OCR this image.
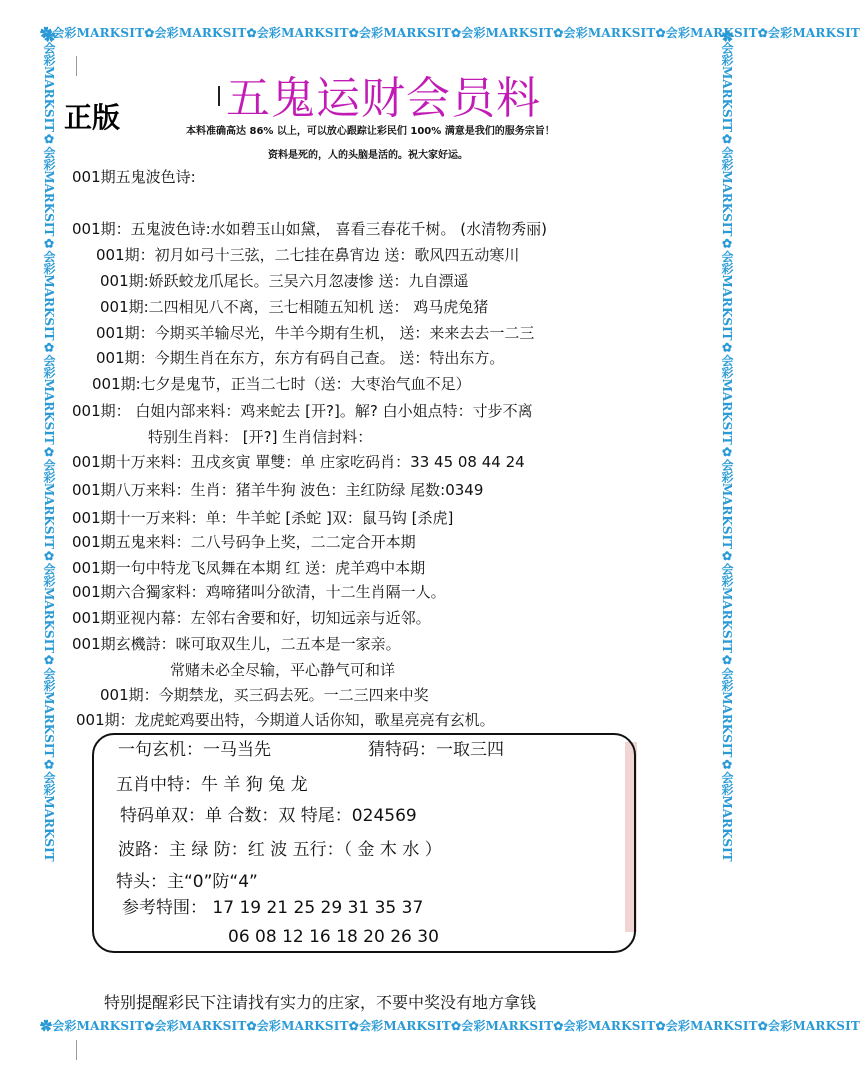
✿会彩MARKSIT✿会彩MARKSIT✿会彩MARKSIT✿会彩MARKSIT✿会彩MARKSIT✿会彩MARKSIT✿会彩MARKSIT✿会彩MARKSIT
✿会彩MARKSIT✿会彩MARKSIT✿会彩MARKSIT✿会彩MARKSIT✿会彩MARKSIT✿会彩MARKSIT✿会彩MARKSIT✿会彩MARKSIT
✿会彩MARKSIT✿会彩MARKSIT✿会彩MARKSIT✿会彩MARKSIT✿会彩MARKSIT✿会彩MARKSIT✿会彩MARKSIT✿会彩MARKSIT	✿会彩MARKSIT✿会彩MARKSIT✿会彩MARKSIT✿会彩MARKSIT✿会彩MARKSIT✿会彩MARKSIT✿会彩MARKSIT✿会彩MARKSIT
五鬼运财会员料
正版	本料准确高达 86% 以上，可以放心跟踪让彩民们 100% 满意是我们的服务宗旨！
资料是死的，人的头脑是活的。祝大家好运。
001期五鬼波色诗:
001期：五鬼波色诗:水如碧玉山如黛， 喜看三春花千树。 (水清物秀丽)
001期：初月如弓十三弦，二七挂在鼻宵边 送：歌风四五动寒川
001期:娇跃蛟龙爪尾长。三吴六月忽凄惨 送：九自漂遥
001期:二四相见八不离，三七相随五知机 送： 鸡马虎兔猪
001期：今期买羊输尽光，牛羊今期有生机， 送：来来去去一二三
001期：今期生肖在东方，东方有码自己查。 送：特出东方。
001期:七夕是鬼节，正当二七时（送：大枣治气血不足）
001期： 白姐内部来料：鸡来蛇去 [开?]。解? 白小姐点特：寸步不离
特别生肖料： [开?] 生肖信封料：
001期十万来料：丑戌亥寅 單雙：单 庄家吃码肖：33 45 08 44 24
001期八万来料：生肖：猪羊牛狗 波色：主红防绿 尾数:0349
001期十一万来料：单：牛羊蛇 [杀蛇 ]双：鼠马钩 [杀虎]
001期五鬼来料：二八号码争上奖，二二定合开本期
001期一句中特龙飞凤舞在本期 红 送：虎羊鸡中本期
001期六合獨家料：鸡啼猪叫分欲清，十二生肖隔一人。
001期亚视内幕：左邻右舍要和好，切知远亲与近邻。
001期玄機詩：咪可取双生儿，二五本是一家亲。
常赌未必全尽输，平心静气可和详
001期：今期禁龙，买三码去死。一二三四来中奖
001期：龙虎蛇鸡要出特，今期道人话你知，歌星亮亮有玄机。
一句玄机：一马当先	猜特码：一取三四
五肖中特：牛 羊 狗 兔 龙
特码单双：单 合数：双 特尾：024569
波路：主 绿 防：红 波 五行：（ 金 木 水 ）
特头：主“0”防“4”
参考特围： 17 19 21 25 29 31 35 37
06 08 12 16 18 20 26 30
特别提醒彩民下注请找有实力的庄家，不要中奖没有地方拿钱
